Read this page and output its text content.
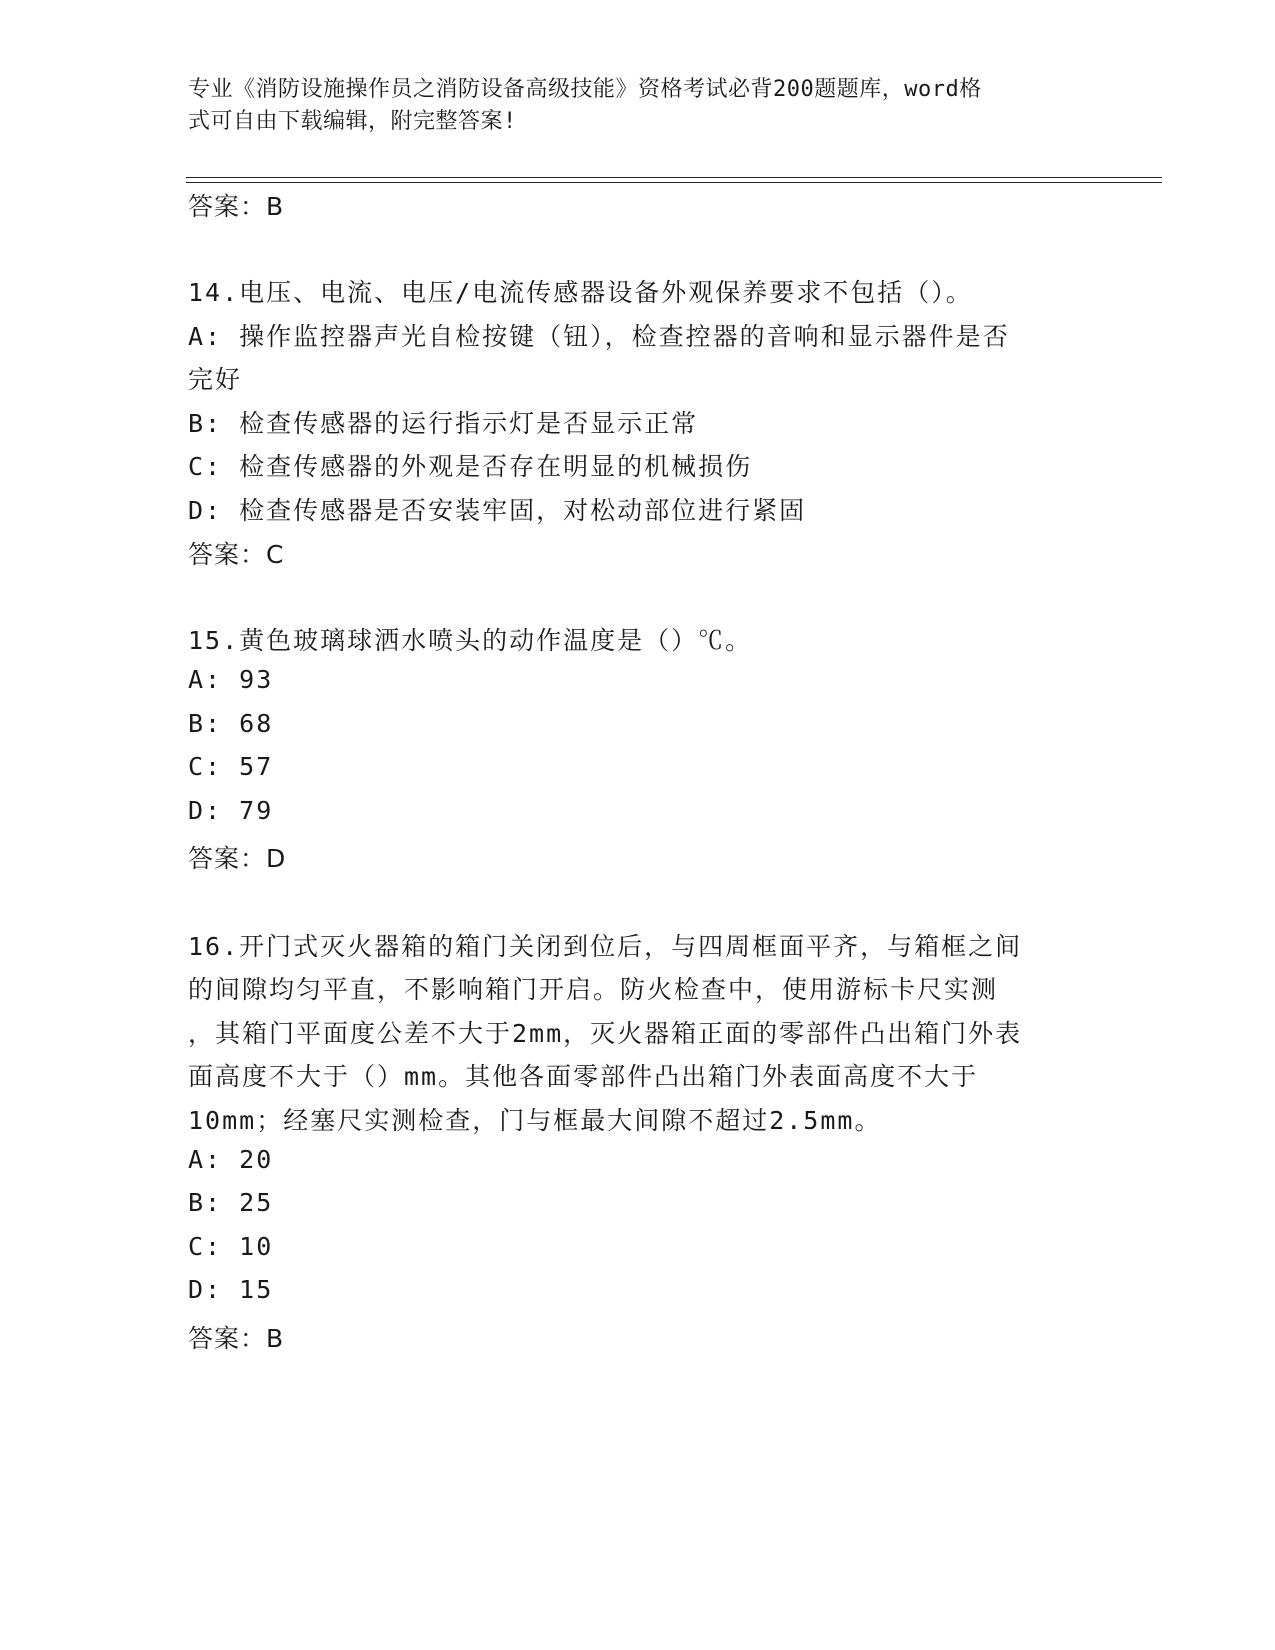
专业《消防设施操作员之消防设备高级技能》资格考试必背200题题库，word格
式可自由下载编辑，附完整答案!
答案：B
14.电压、电流、电压/电流传感器设备外观保养要求不包括（）。
A: 操作监控器声光自检按键（钮），检查控器的音响和显示器件是否
完好
B: 检查传感器的运行指示灯是否显示正常
C: 检查传感器的外观是否存在明显的机械损伤
D: 检查传感器是否安装牢固，对松动部位进行紧固
答案：C
15.黄色玻璃球洒水喷头的动作温度是（）℃。
A: 93
B: 68
C: 57
D: 79
答案：D
16.开门式灭火器箱的箱门关闭到位后，与四周框面平齐，与箱框之间
的间隙均匀平直，不影响箱门开启。防火检查中，使用游标卡尺实测
，其箱门平面度公差不大于2mm，灭火器箱正面的零部件凸出箱门外表
面高度不大于（）mm。其他各面零部件凸出箱门外表面高度不大于
10mm；经塞尺实测检查，门与框最大间隙不超过2.5mm。
A: 20
B: 25
C: 10
D: 15
答案：B
